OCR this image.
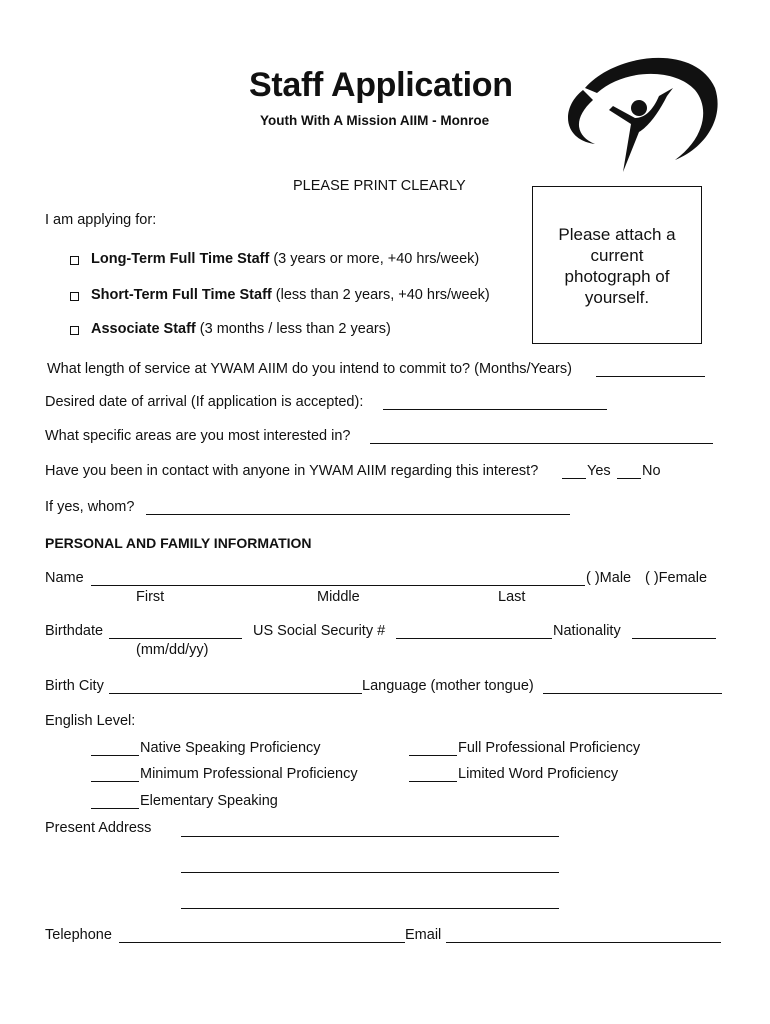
Staff Application
Youth With A Mission AIIM - Monroe
PLEASE PRINT CLEARLY
Please attach a
current
photograph of
yourself.
I am applying for:
Long-Term Full Time Staff (3 years or more, +40 hrs/week)
Short-Term Full Time Staff (less than 2 years, +40 hrs/week)
Associate Staff (3 months / less than 2 years)
What length of service at YWAM AIIM do you intend to commit to? (Months/Years)
Desired date of arrival (If application is accepted):
What specific areas are you most interested in?
Have you been in contact with anyone in YWAM AIIM regarding this interest?	Yes No
If yes, whom?
PERSONAL AND FAMILY INFORMATION
Name	( )Male ( )Female
First	Middle	Last
Birthdate	US Social Security #	Nationality
(mm/dd/yy)
Birth City	Language (mother tongue)
English Level:
Native Speaking Proficiency	Full Professional Proficiency
Minimum Professional Proficiency	Limited Word Proficiency
Elementary Speaking
Present Address
Telephone	Email
